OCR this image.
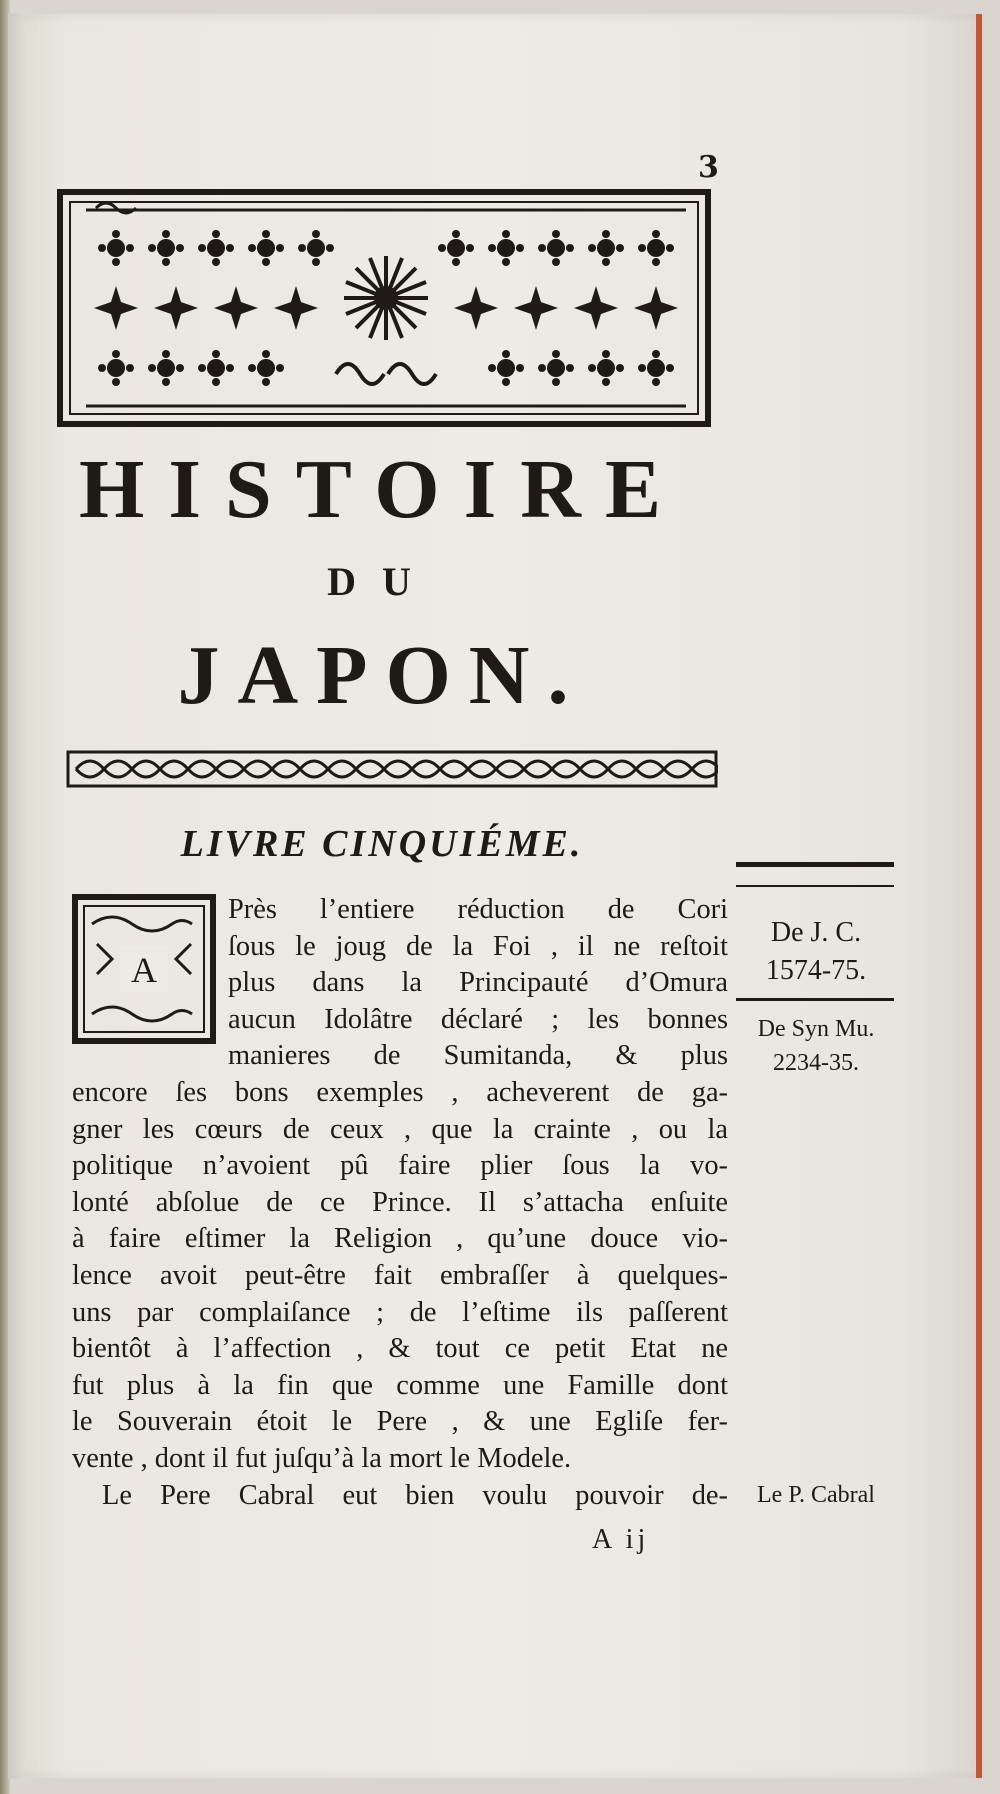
3
HISTOIRE
DU
JAPON.
LIVRE CINQUIÉME.
A
Près l’entiere réduction de Cori
ſous le joug de la Foi , il ne reſtoit
plus dans la Principauté d’Omura
aucun Idolâtre déclaré ; les bonnes
manieres de Sumitanda, & plus
encore ſes bons exemples , acheverent de ga-
gner les cœurs de ceux , que la crainte , ou la
politique n’avoient pû faire plier ſous la vo-
lonté abſolue de ce Prince. Il s’attacha enſuite
à faire eſtimer la Religion , qu’une douce vio-
lence avoit peut-être fait embraſſer à quelques-
uns par complaiſance ; de l’eſtime ils paſſerent
bientôt à l’affection , & tout ce petit Etat ne
fut plus à la fin que comme une Famille dont
le Souverain étoit le Pere , & une Egliſe fer-
vente , dont il fut juſqu’à la mort le Modele.
Le Pere Cabral eut bien voulu pouvoir de-
De J. C.
1574-75.
De Syn Mu.
2234-35.
Le P. Cabral
A ij
